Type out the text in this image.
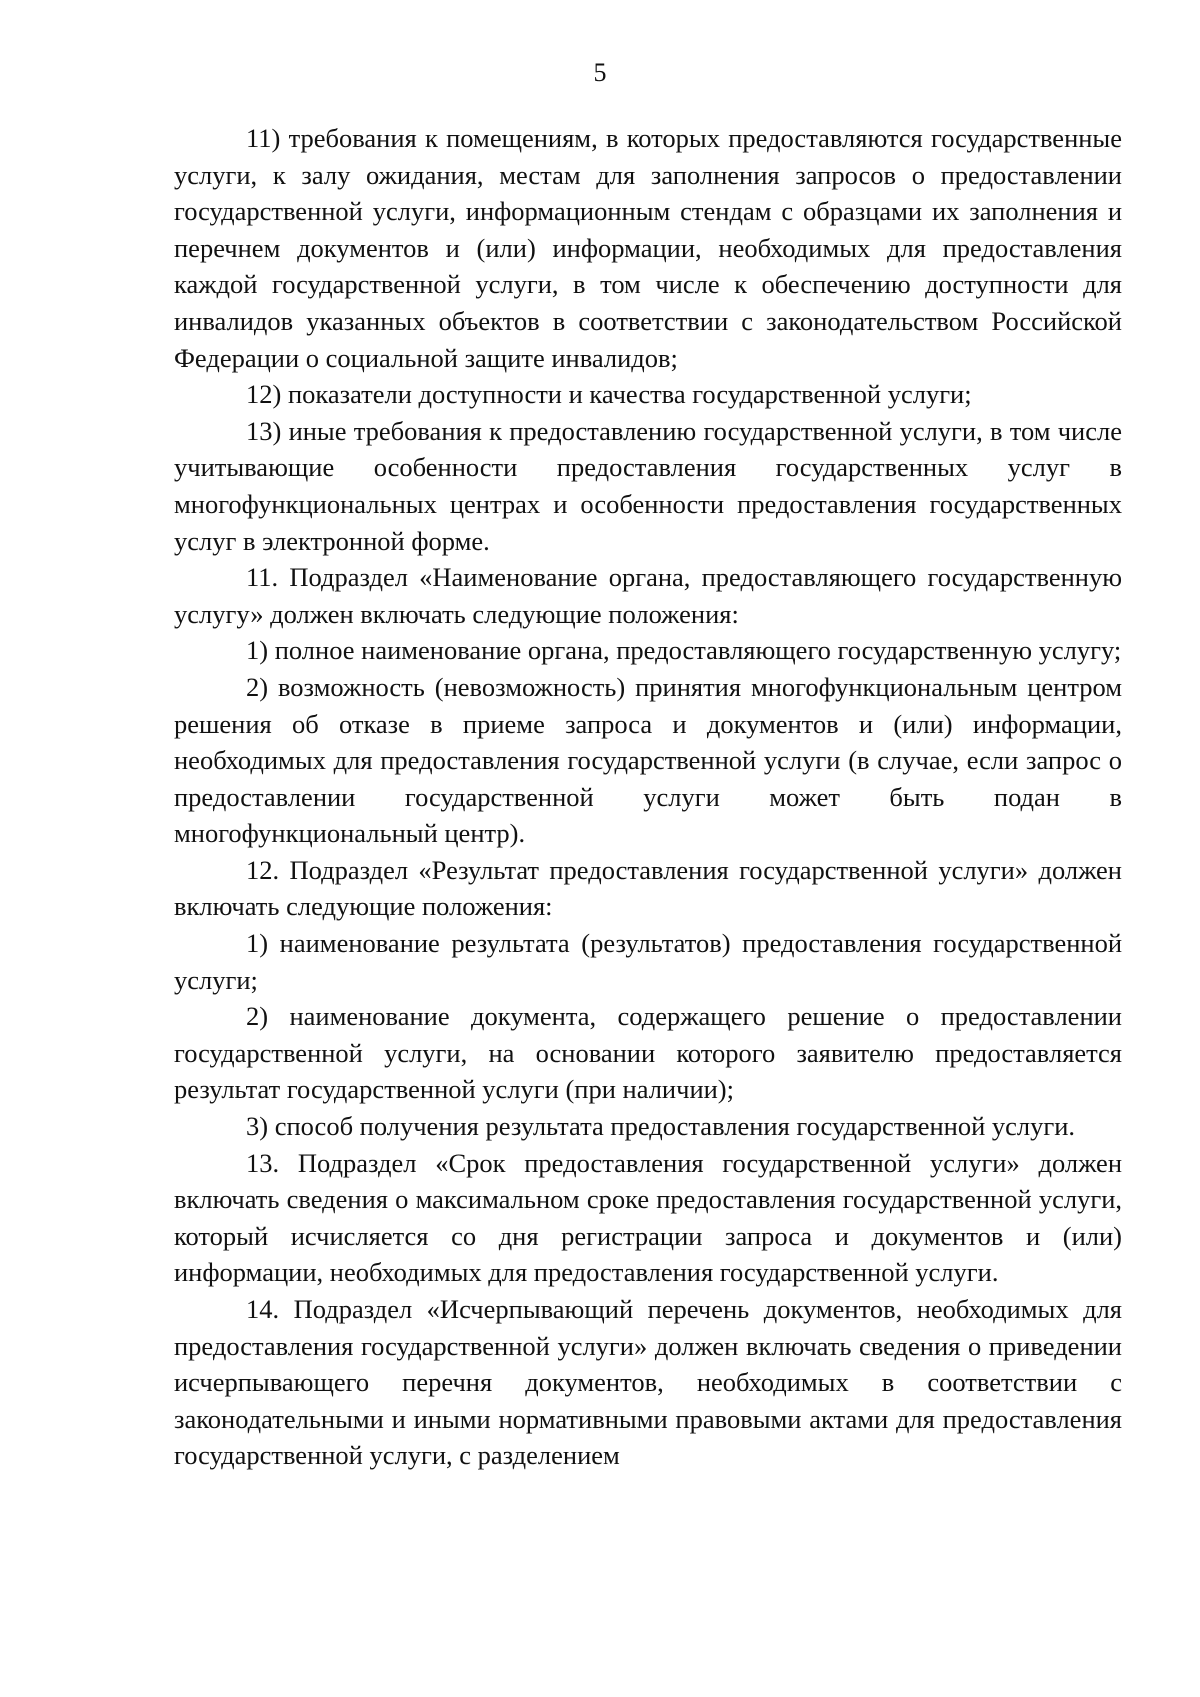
5

11) требования к помещениям, в которых предоставляются государственные услуги, к залу ожидания, местам для заполнения запросов о предоставлении государственной услуги, информационным стендам с образцами их заполнения и перечнем документов и (или) информации, необходимых для предоставления каждой государственной услуги, в том числе к обеспечению доступности для инвалидов указанных объектов в соответствии с законодательством Российской Федерации о социальной защите инвалидов;

12) показатели доступности и качества государственной услуги;

13) иные требования к предоставлению государственной услуги, в том числе учитывающие особенности предоставления государственных услуг в многофункциональных центрах и особенности предоставления государственных услуг в электронной форме.

11. Подраздел «Наименование органа, предоставляющего государственную услугу» должен включать следующие положения:

1) полное наименование органа, предоставляющего государственную услугу;

2) возможность (невозможность) принятия многофункциональным центром решения об отказе в приеме запроса и документов и (или) информации, необходимых для предоставления государственной услуги (в случае, если запрос о предоставлении государственной услуги может быть подан в многофункциональный центр).

12. Подраздел «Результат предоставления государственной услуги» должен включать следующие положения:

1) наименование результата (результатов) предоставления государственной услуги;

2) наименование документа, содержащего решение о предоставлении государственной услуги, на основании которого заявителю предоставляется результат государственной услуги (при наличии);

3) способ получения результата предоставления государственной услуги.

13. Подраздел «Срок предоставления государственной услуги» должен включать сведения о максимальном сроке предоставления государственной услуги, который исчисляется со дня регистрации запроса и документов и (или) информации, необходимых для предоставления государственной услуги.

14. Подраздел «Исчерпывающий перечень документов, необходимых для предоставления государственной услуги» должен включать сведения о приведении исчерпывающего перечня документов, необходимых в соответствии с законодательными и иными нормативными правовыми актами для предоставления государственной услуги, с разделением
